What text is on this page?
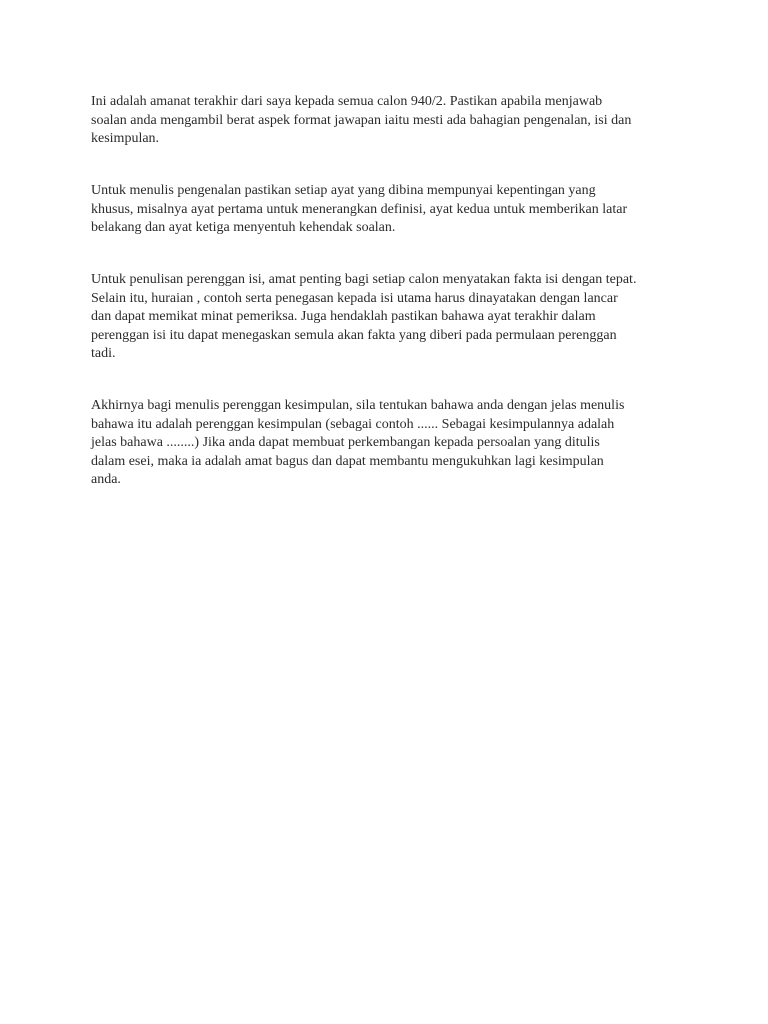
Ini adalah amanat terakhir dari saya kepada semua calon 940/2. Pastikan apabila menjawab
soalan anda mengambil berat aspek format jawapan iaitu mesti ada bahagian pengenalan, isi dan
kesimpulan.

Untuk menulis pengenalan pastikan setiap ayat yang dibina mempunyai kepentingan yang
khusus, misalnya ayat pertama untuk menerangkan definisi, ayat kedua untuk memberikan latar
belakang dan ayat ketiga menyentuh kehendak soalan.

Untuk penulisan perenggan isi, amat penting bagi setiap calon menyatakan fakta isi dengan tepat.
Selain itu, huraian , contoh serta penegasan kepada isi utama harus dinayatakan dengan lancar
dan dapat memikat minat pemeriksa. Juga hendaklah pastikan bahawa ayat terakhir dalam
perenggan isi itu dapat menegaskan semula akan fakta yang diberi pada permulaan perenggan
tadi.

Akhirnya bagi menulis perenggan kesimpulan, sila tentukan bahawa anda dengan jelas menulis
bahawa itu adalah perenggan kesimpulan (sebagai contoh ...... Sebagai kesimpulannya adalah
jelas bahawa ........) Jika anda dapat membuat perkembangan kepada persoalan yang ditulis
dalam esei, maka ia adalah amat bagus dan dapat membantu mengukuhkan lagi kesimpulan
anda.
